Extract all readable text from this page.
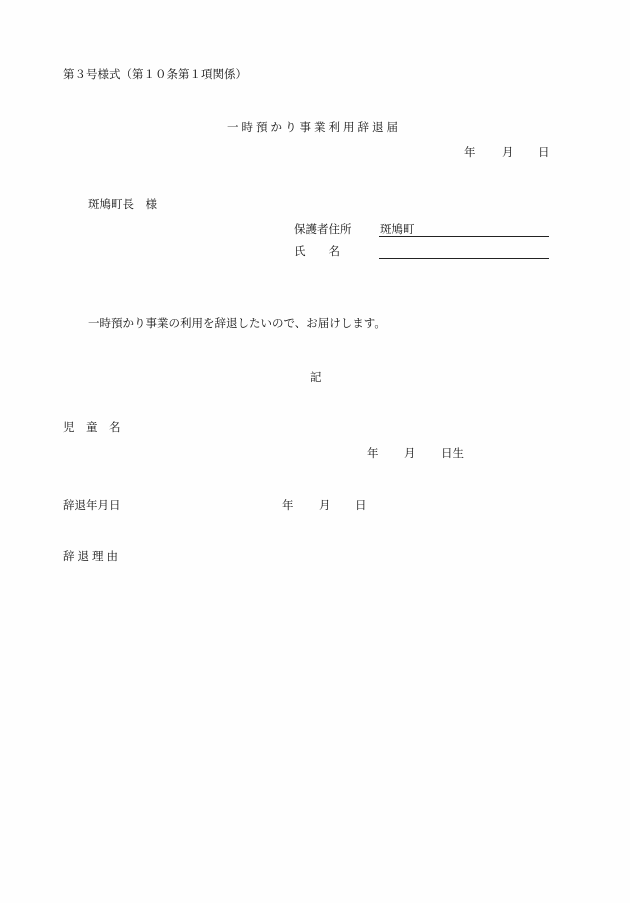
第３号様式（第１０条第１項関係）
一時預かり事業利用辞退届
年 月 日
斑鳩町長　様
保護者住所 斑鳩町
氏　　名
一時預かり事業の利用を辞退したいので、お届けします。
記
児　童　名
年 月 日生
辞退年月日	年 月 日
辞退理由
